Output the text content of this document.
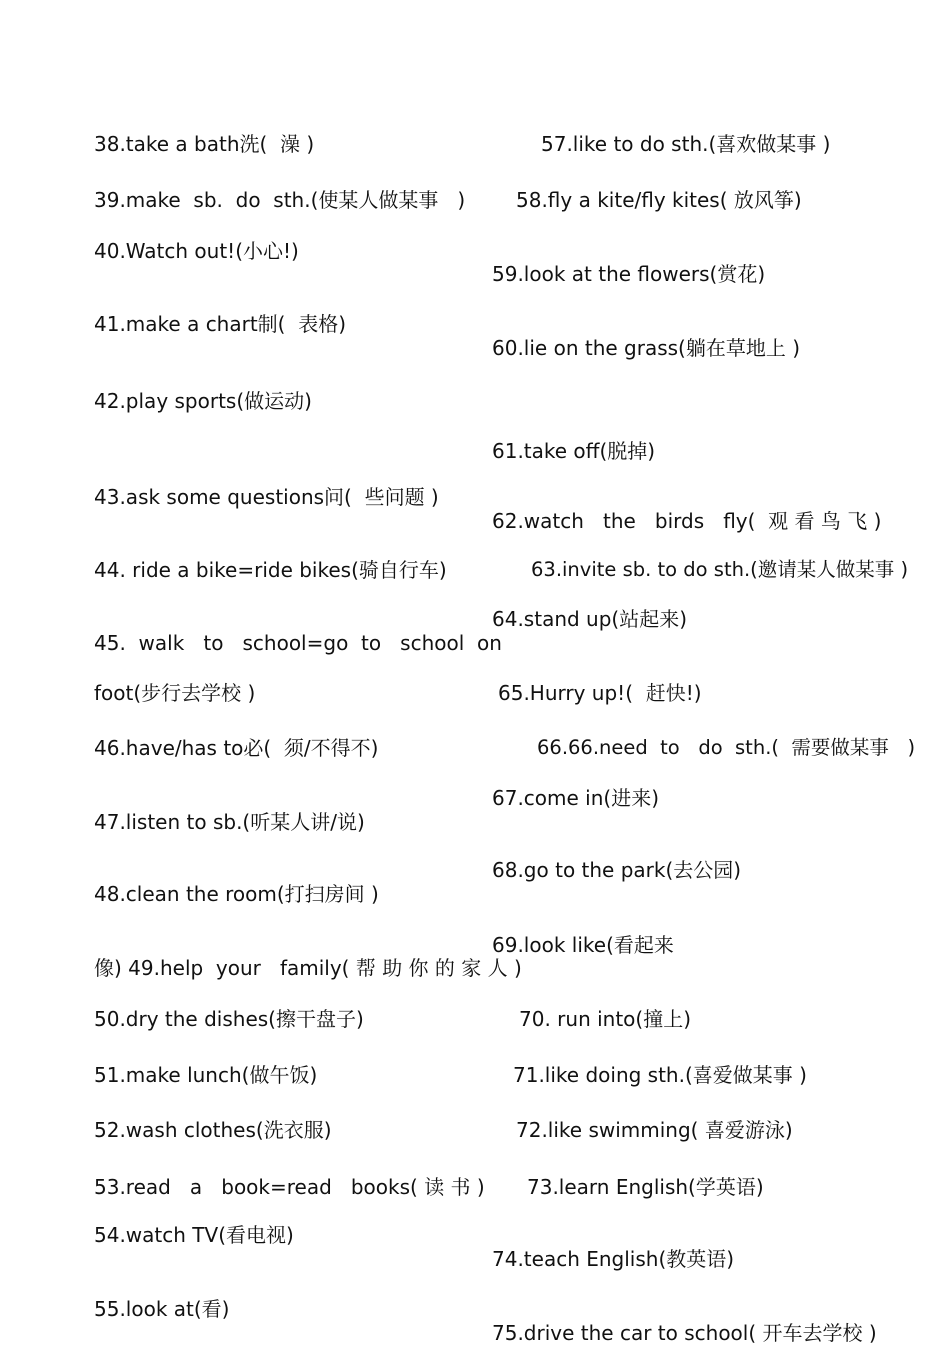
38.take a bath洗(  澡 )
39.make  sb.  do  sth.(使某人做某事   )
40.Watch out!(小心!)
41.make a chart制(  表格)
42.play sports(做运动)
43.ask some questions问(  些问题 )
44. ride a bike=ride bikes(骑自行车)
45.  walk   to   school=go  to   school  on
foot(步行去学校 )
46.have/has to必(  须/不得不)
47.listen to sb.(听某人讲/说)
48.clean the room(打扫房间 )
像) 49.help  your   family( 帮 助 你 的 家 人 )
50.dry the dishes(擦干盘子)
51.make lunch(做午饭)
52.wash clothes(洗衣服)
53.read   a   book=read   books( 读 书 )
54.watch TV(看电视)
55.look at(看)
57.like to do sth.(喜欢做某事 )
58.fly a kite/fly kites( 放风筝)
59.look at the flowers(赏花)
60.lie on the grass(躺在草地上 )
61.take off(脱掉)
62.watch   the   birds   fly(  观 看 鸟 飞 )
63.invite sb. to do sth.(邀请某人做某事 )
64.stand up(站起来)
65.Hurry up!(  赶快!)
66.66.need  to   do  sth.(  需要做某事   )
67.come in(进来)
68.go to the park(去公园)
69.look like(看起来
70. run into(撞上)
71.like doing sth.(喜爱做某事 )
72.like swimming( 喜爱游泳)
73.learn English(学英语)
74.teach English(教英语)
75.drive the car to school( 开车去学校 )
